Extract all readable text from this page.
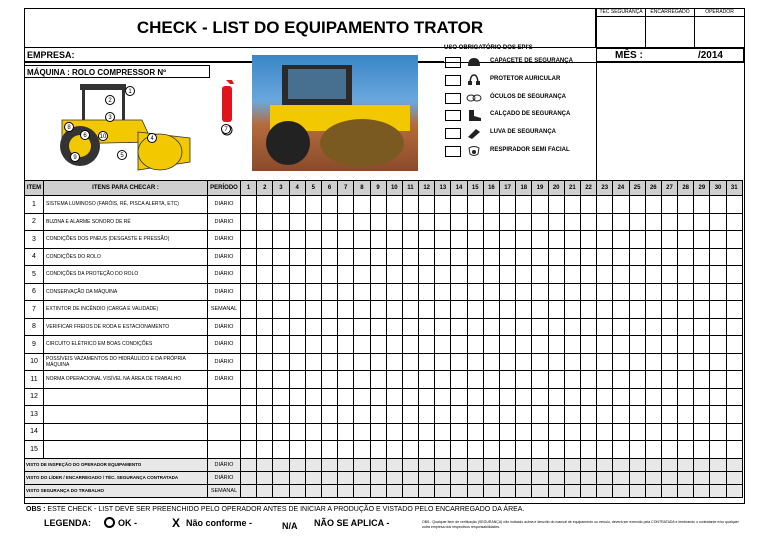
CHECK - LIST DO EQUIPAMENTO TRATOR
TEC SEGURANÇA	ENCARREGADO	OPERADOR
EMPRESA:
MÁQUINA : ROLO COMPRESSOR Nº
MÊS :	/2014
1
2
3
4
5
6
7
8
9
10
USO OBRIGATÓRIO DOS EPI'S
CAPACETE DE SEGURANÇA
PROTETOR AURICULAR
ÓCULOS DE SEGURANÇA
CALÇADO DE SEGURANÇA
LUVA DE SEGURANÇA
RESPIRADOR SEMI FACIAL
ITEM	ITENS PARA CHECAR :	PERÍODO	1	2	3	4	5	6	7	8	9	10	11	12	13	14	15	16	17	18	19	20	21	22	23	24	25	26	27	28	29	30	31
1	SISTEMA LUMINOSO (FARÓIS, RÉ, PISCA ALERTA, ETC)	DIÁRIO																															
2	BUZINA E ALARME SONORO DE RÉ	DIÁRIO																															
3	CONDIÇÕES DOS PNEUS (DESGASTE E PRESSÃO)	DIÁRIO																															
4	CONDIÇÕES DO ROLO	DIÁRIO																															
5	CONDIÇÕES DA PROTEÇÃO DO ROLO	DIÁRIO																															
6	CONSERVAÇÃO DA MÁQUINA	DIÁRIO																															
7	EXTINTOR DE INCÊNDIO (CARGA E VALIDADE)	SEMANAL																															
8	VERIFICAR FREIOS DE RODA E ESTACIONAMENTO	DIÁRIO																															
9	CIRCUITO ELÉTRICO EM BOAS CONDIÇÕES	DIÁRIO																															
10	POSSÍVEIS VAZAMENTOS DO HIDRÁULICO E DA PRÓPRIA MÁQUINA	DIÁRIO																															
11	NORMA OPERACIONAL VISÍVEL NA ÁREA DE TRABALHO	DIÁRIO																															
12																																	
13																																	
14																																	
15																																	
VISTO DE INSPEÇÃO DO OPERADOR EQUIPAMENTO		DIÁRIO																															
VISTO DO LÍDER / ENCARREGADO / TÉC. SEGURANÇA CONTRATADA		DIÁRIO																															
VISTO SEGURANÇA DO TRABALHO		SEMANAL																															
OBS : ESTE CHECK - LIST DEVE SER PREENCHIDO PELO OPERADOR ANTES DE INICIAR A PRODUÇÃO E VISTADO PELO ENCARREGADO DA ÁREA.
LEGENDA:	OK -	X Não conforme -	N/A NÃO SE APLICA -	OBS.: Qualquer item de verificação (SEGURANÇA) não indicado acima e descrito do manual de equipamento ou veículo, deverá ser exercido pela CONTRATADA e lembrando o contratante e/ou qualquer outra empresa dos respectivos responsabilidades.
